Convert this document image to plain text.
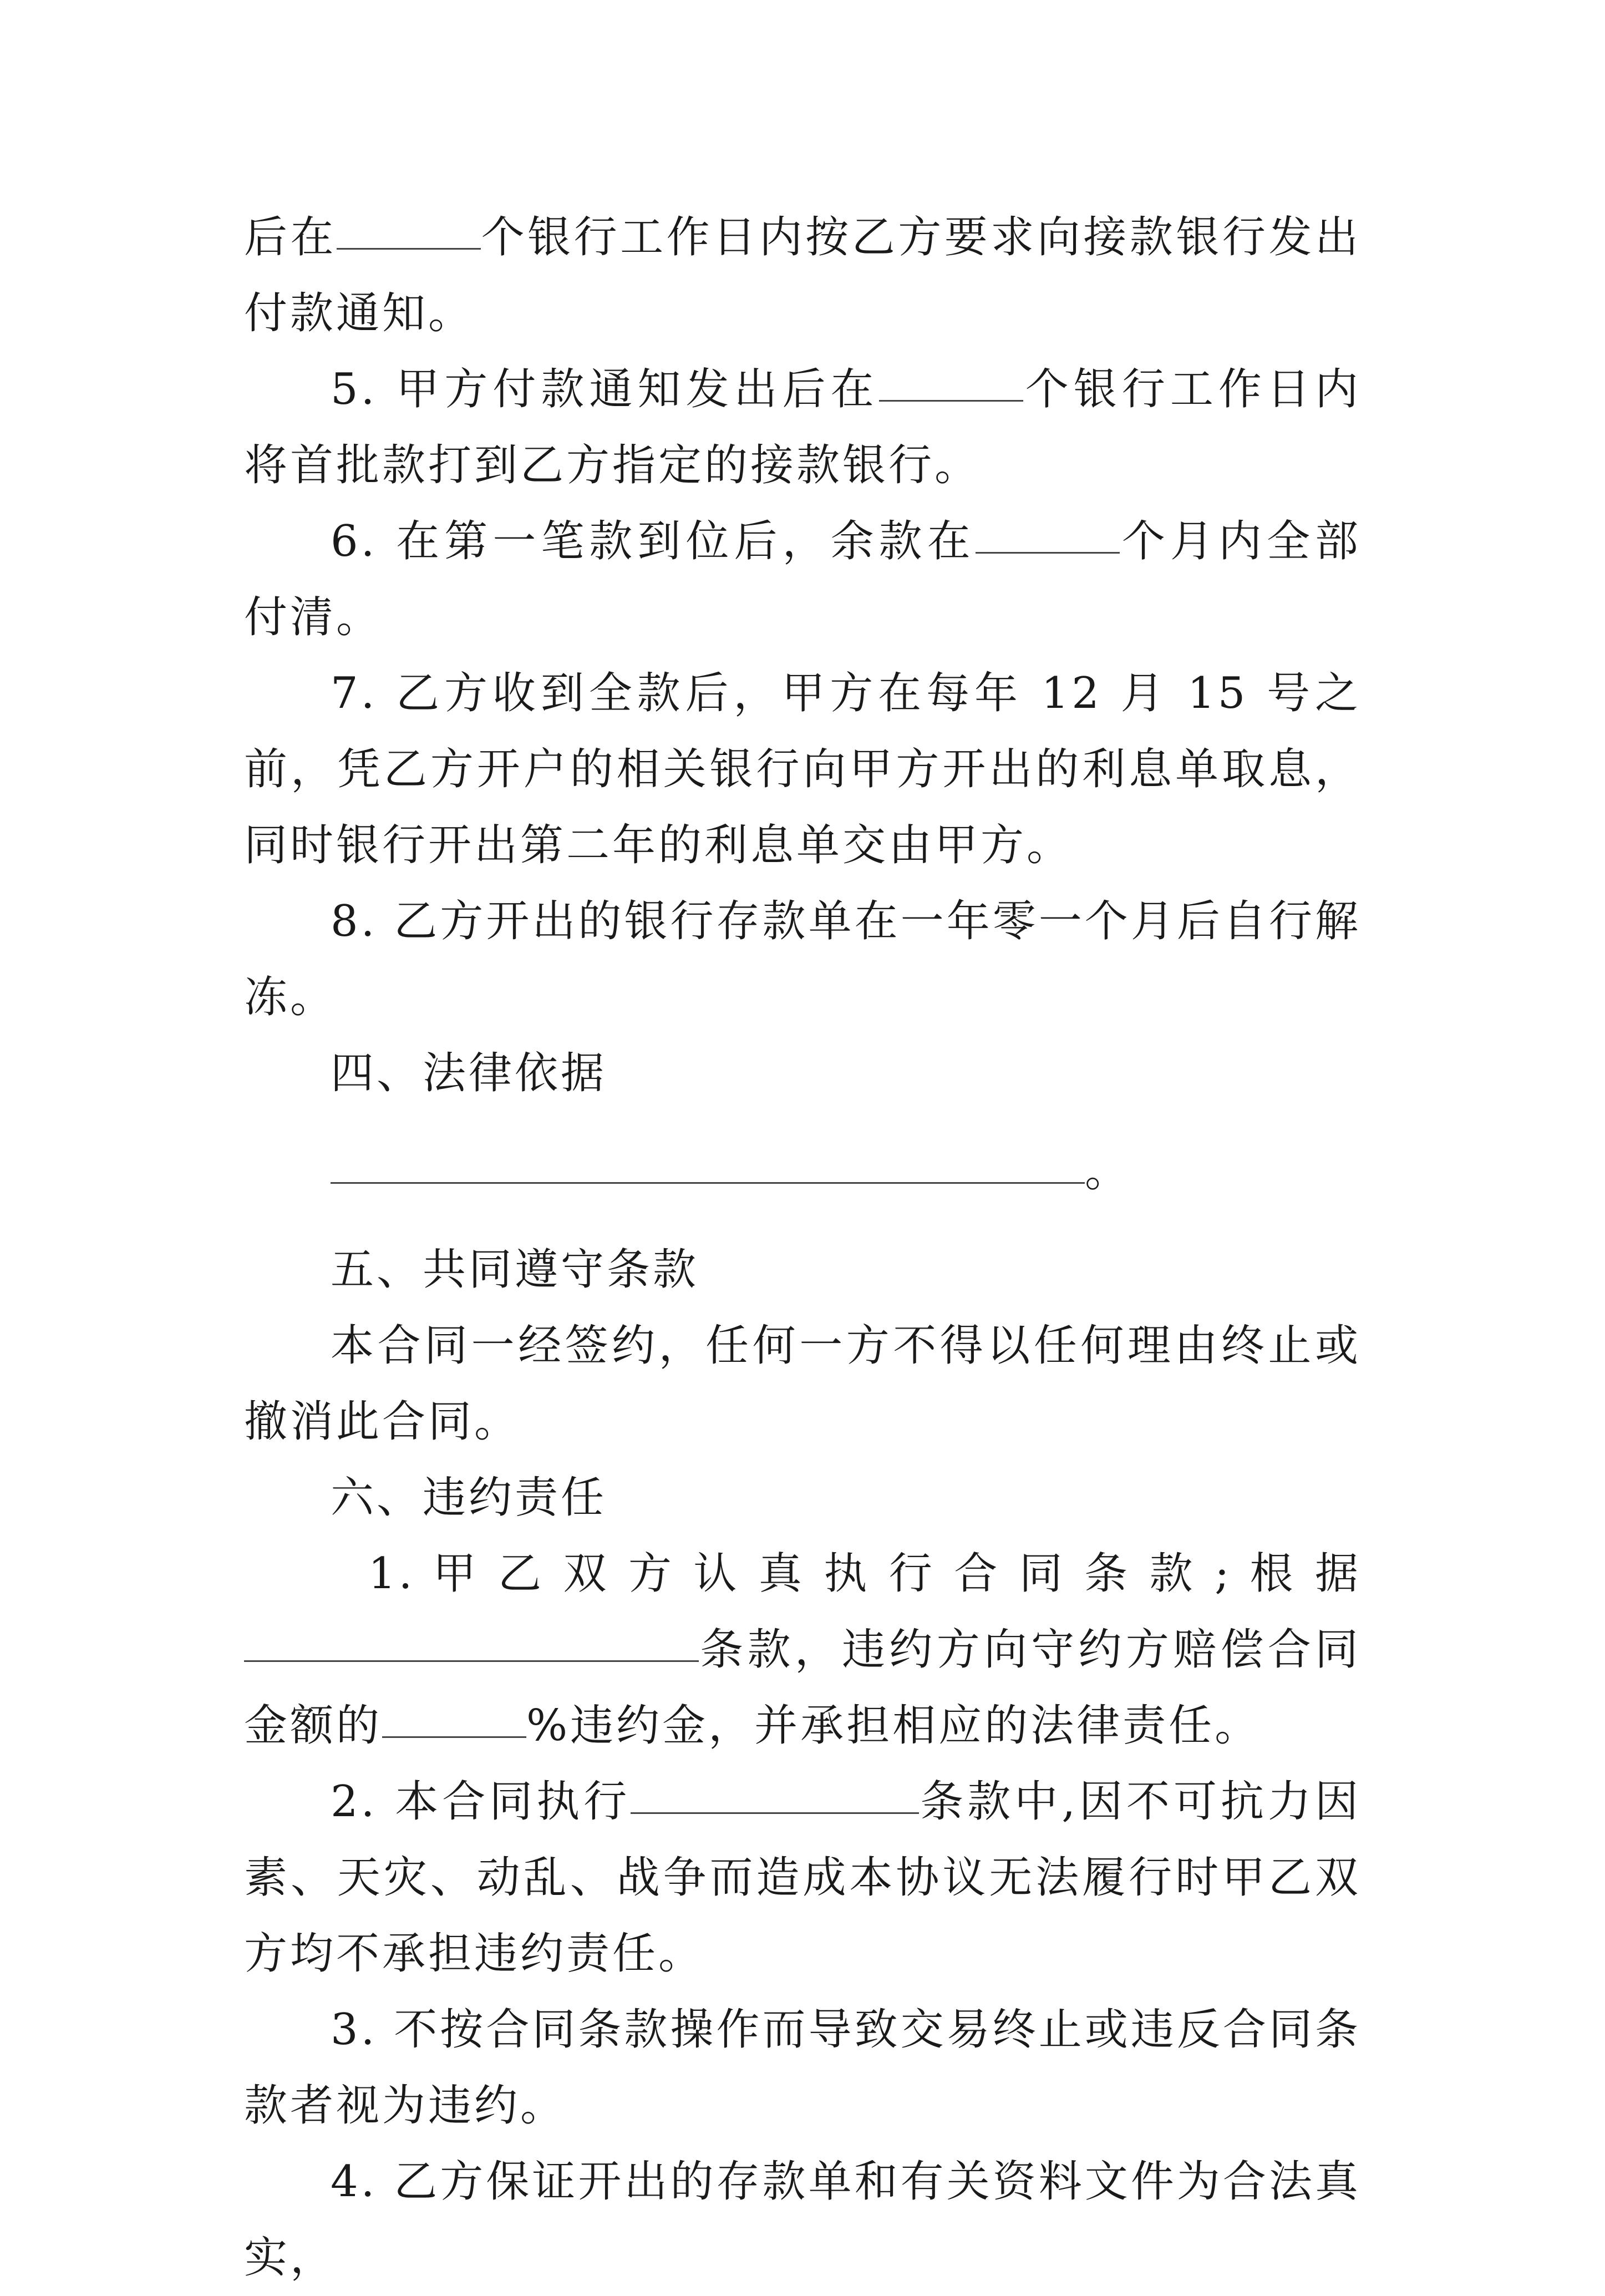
后在	个银行工作日内按乙方要求向接款银行发出付款通知。

5. 甲方付款通知发出后在	个银行工作日内将首批款打到乙方指定的接款银行。

6. 在第一笔款到位后，余款在	个月内全部付清。

7. 乙方收到全款后，甲方在每年 12 月 15 号之前，凭乙方开户的相关银行向甲方开出的利息单取息，同时银行开出第二年的利息单交由甲方。

8. 乙方开出的银行存款单在一年零一个月后自行解冻。

四、法律依据

。

五、共同遵守条款

本合同一经签约，任何一方不得以任何理由终止或撤消此合同。

六、违约责任

1. 甲 乙 双 方 认 真 执 行 合 同 条 款 ; 根 据条款，违约方向守约方赔偿合同金额的	%违约金，并承担相应的法律责任。

2. 本合同执行	条款中,因不可抗力因素、天灾、动乱、战争而造成本协议无法履行时甲乙双方均不承担违约责任。

3. 不按合同条款操作而导致交易终止或违反合同条款者视为违约。

4. 乙方保证开出的存款单和有关资料文件为合法真实，
